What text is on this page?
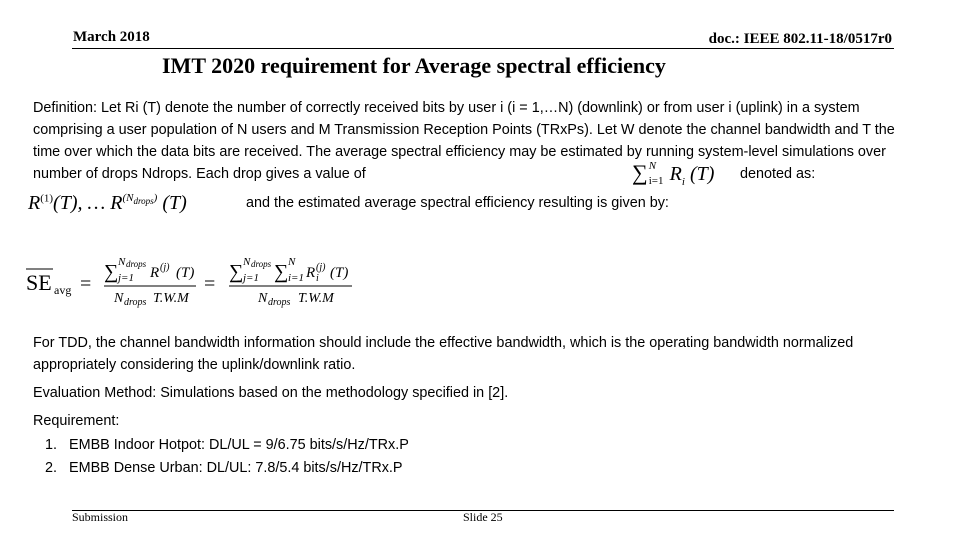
March 2018	doc.: IEEE 802.11-18/0517r0
IMT 2020 requirement for Average spectral efficiency
Definition: Let Ri (T) denote the number of correctly received bits by user i (i = 1,…N) (downlink) or from user i (uplink) in a system comprising a user population of N users and M Transmission Reception Points (TRxPs). Let W denote the channel bandwidth and T the time over which the data bits are received. The average spectral efficiency may be estimated by running system-level simulations over number of drops Ndrops. Each drop gives a value of	∑ N
i=1 $R_i$ (T) denoted as:
$R^{(1)}(T)$, … $R^{(N_{drops})}$ (T)	and the estimated average spectral efficiency resulting is given by:
SE avg =
∑ N drops
j=1 R (j) (T)
N drops T.W.M
=
∑ N drops
j=1 ∑ N
i=1 R i
(j) (T)
N drops T.W.M
For TDD, the channel bandwidth information should include the effective bandwidth, which is the operating bandwidth normalized appropriately considering the uplink/downlink ratio.
Evaluation Method: Simulations based on the methodology specified in [2].
Requirement:
1. EMBB Indoor Hotpot: DL/UL = 9/6.75 bits/s/Hz/TRx.P
2. EMBB Dense Urban: DL/UL: 7.8/5.4 bits/s/Hz/TRx.P
Submission	Slide 25
